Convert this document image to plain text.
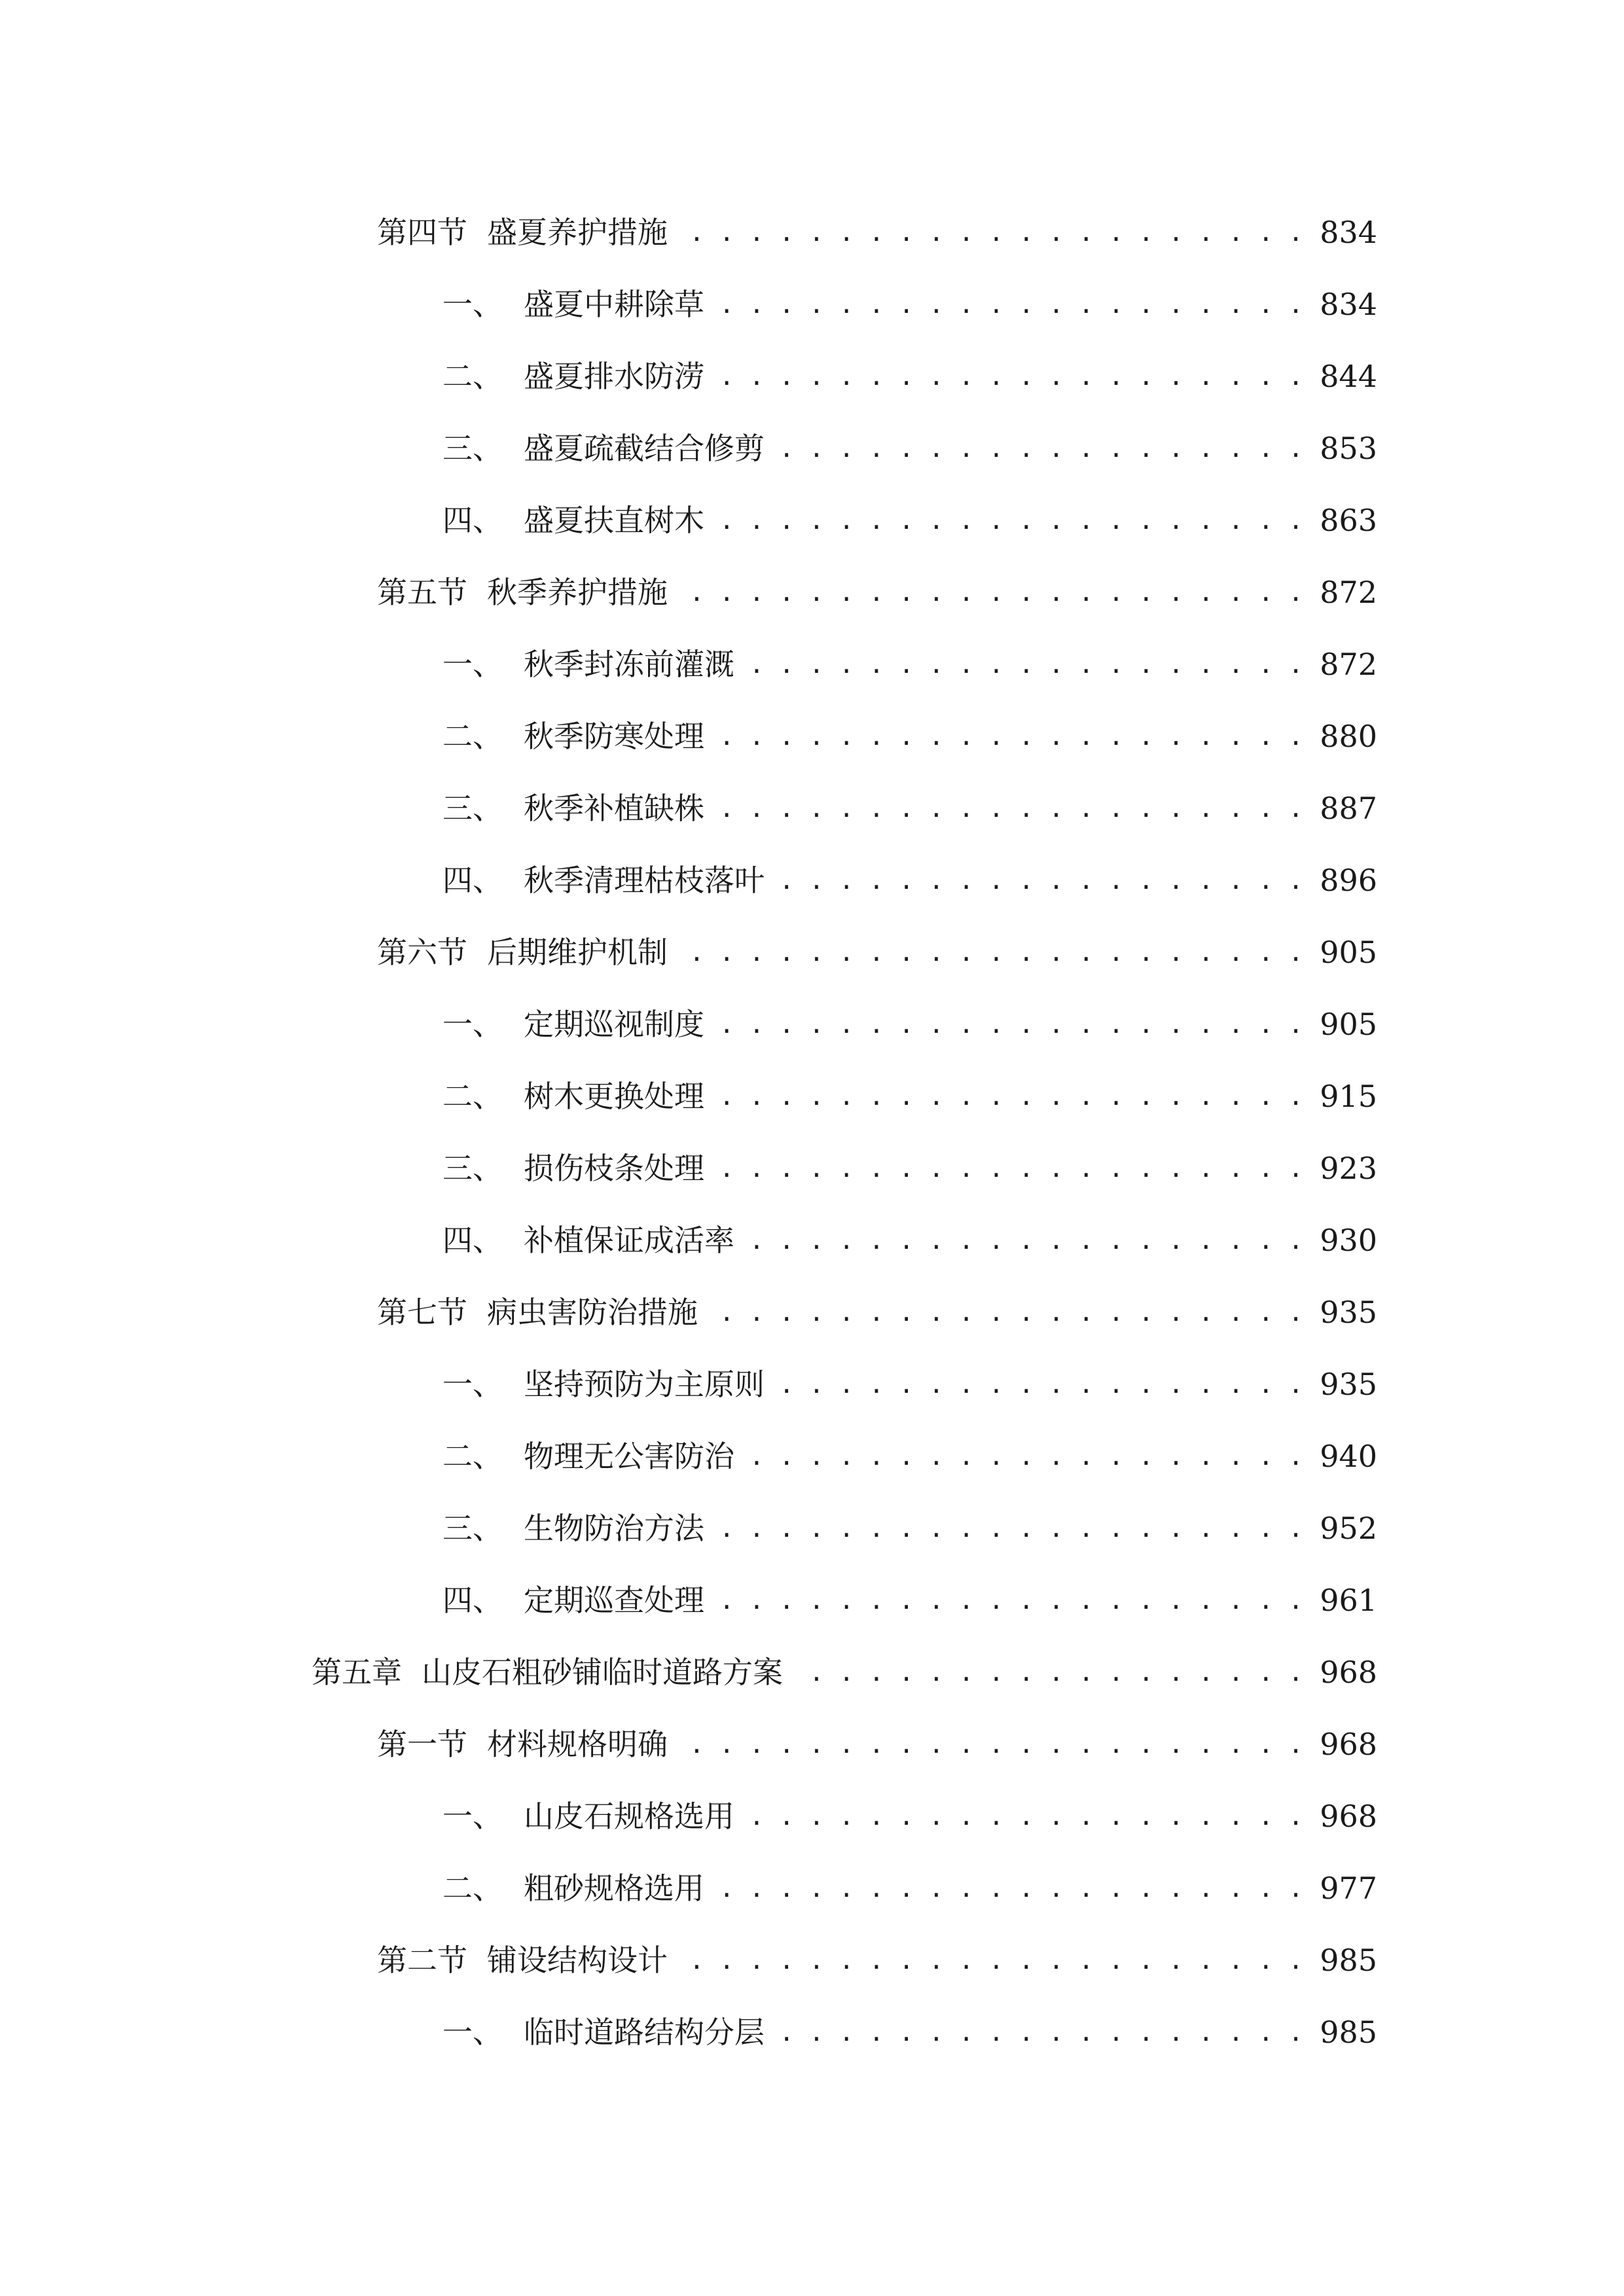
第四节 盛夏养护措施 . . .	834
一、 盛夏中耕除草 . . .	834
二、 盛夏排水防涝 . . .	844
三、 盛夏疏截结合修剪 . . .	853
四、 盛夏扶直树木 . . .	863
第五节 秋季养护措施 . . .	872
一、 秋季封冻前灌溉 . . .	872
二、 秋季防寒处理 . . .	880
三、 秋季补植缺株 . . .	887
四、 秋季清理枯枝落叶 . . .	896
第六节 后期维护机制 . . .	905
一、 定期巡视制度 . . .	905
二、 树木更换处理 . . .	915
三、 损伤枝条处理 . . .	923
四、 补植保证成活率 . . .	930
第七节 病虫害防治措施 . . .	935
一、 坚持预防为主原则 . . .	935
二、 物理无公害防治 . . .	940
三、 生物防治方法 . . .	952
四、 定期巡查处理 . . .	961
第五章 山皮石粗砂铺临时道路方案 . . .	968
第一节 材料规格明确 . . .	968
一、 山皮石规格选用 . . .	968
二、 粗砂规格选用 . . .	977
第二节 铺设结构设计 . . .	985
一、 临时道路结构分层 . . .	985
